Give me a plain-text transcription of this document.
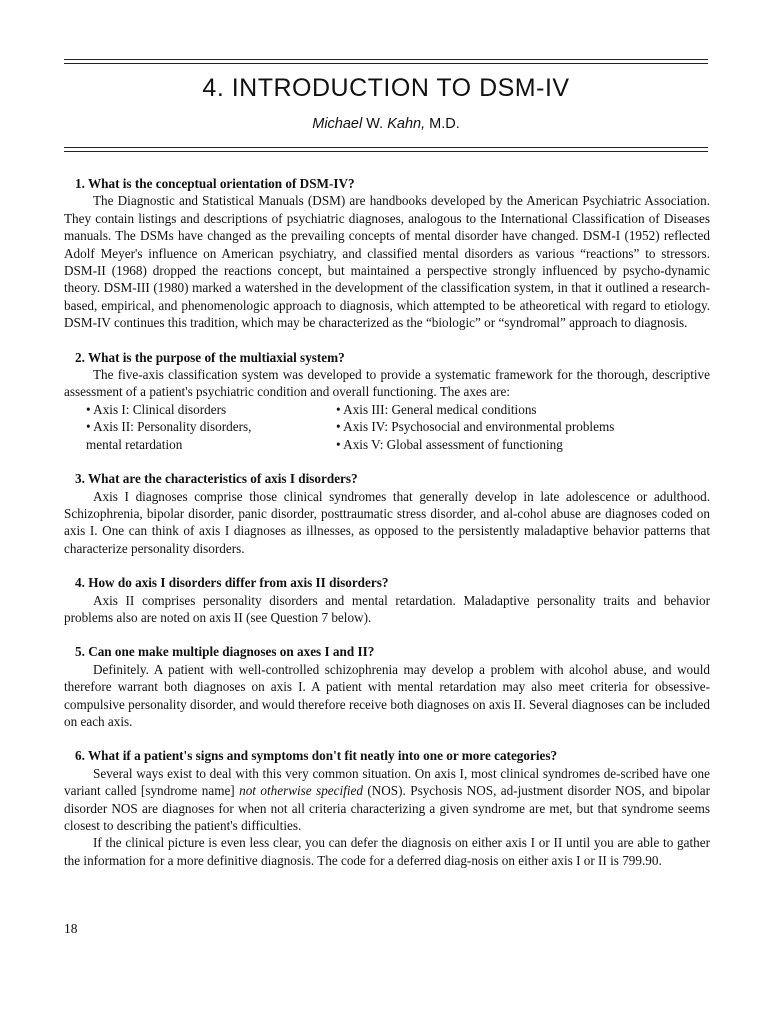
4. INTRODUCTION TO DSM-IV
Michael W. Kahn, M.D.
1. What is the conceptual orientation of DSM-IV?

The Diagnostic and Statistical Manuals (DSM) are handbooks developed by the American Psychiatric Association. They contain listings and descriptions of psychiatric diagnoses, analogous to the International Classification of Diseases manuals. The DSMs have changed as the prevailing concepts of mental disorder have changed. DSM-I (1952) reflected Adolf Meyer's influence on American psychiatry, and classified mental disorders as various “reactions” to stressors. DSM-II (1968) dropped the reactions concept, but maintained a perspective strongly influenced by psycho-dynamic theory. DSM-III (1980) marked a watershed in the development of the classification system, in that it outlined a research-based, empirical, and phenomenologic approach to diagnosis, which attempted to be atheoretical with regard to etiology. DSM-IV continues this tradition, which may be characterized as the “biologic” or “syndromal” approach to diagnosis.

2. What is the purpose of the multiaxial system?

The five-axis classification system was developed to provide a systematic framework for the thorough, descriptive assessment of a patient's psychiatric condition and overall functioning. The axes are:

• Axis I: Clinical disorders	• Axis III: General medical conditions
• Axis II: Personality disorders,	• Axis IV: Psychosocial and environmental problems
mental retardation	• Axis V: Global assessment of functioning
3. What are the characteristics of axis I disorders?

Axis I diagnoses comprise those clinical syndromes that generally develop in late adolescence or adulthood. Schizophrenia, bipolar disorder, panic disorder, posttraumatic stress disorder, and al-cohol abuse are diagnoses coded on axis I. One can think of axis I diagnoses as illnesses, as opposed to the persistently maladaptive behavior patterns that characterize personality disorders.

4. How do axis I disorders differ from axis II disorders?

Axis II comprises personality disorders and mental retardation. Maladaptive personality traits and behavior problems also are noted on axis II (see Question 7 below).

5. Can one make multiple diagnoses on axes I and II?

Definitely. A patient with well-controlled schizophrenia may develop a problem with alcohol abuse, and would therefore warrant both diagnoses on axis I. A patient with mental retardation may also meet criteria for obsessive-compulsive personality disorder, and would therefore receive both diagnoses on axis II. Several diagnoses can be included on each axis.

6. What if a patient's signs and symptoms don't fit neatly into one or more categories?

Several ways exist to deal with this very common situation. On axis I, most clinical syndromes de-scribed have one variant called [syndrome name] not otherwise specified (NOS). Psychosis NOS, ad-justment disorder NOS, and bipolar disorder NOS are diagnoses for when not all criteria characterizing a given syndrome are met, but that syndrome seems closest to describing the patient's difficulties.

If the clinical picture is even less clear, you can defer the diagnosis on either axis I or II until you are able to gather the information for a more definitive diagnosis. The code for a deferred diag-nosis on either axis I or II is 799.90.

18
